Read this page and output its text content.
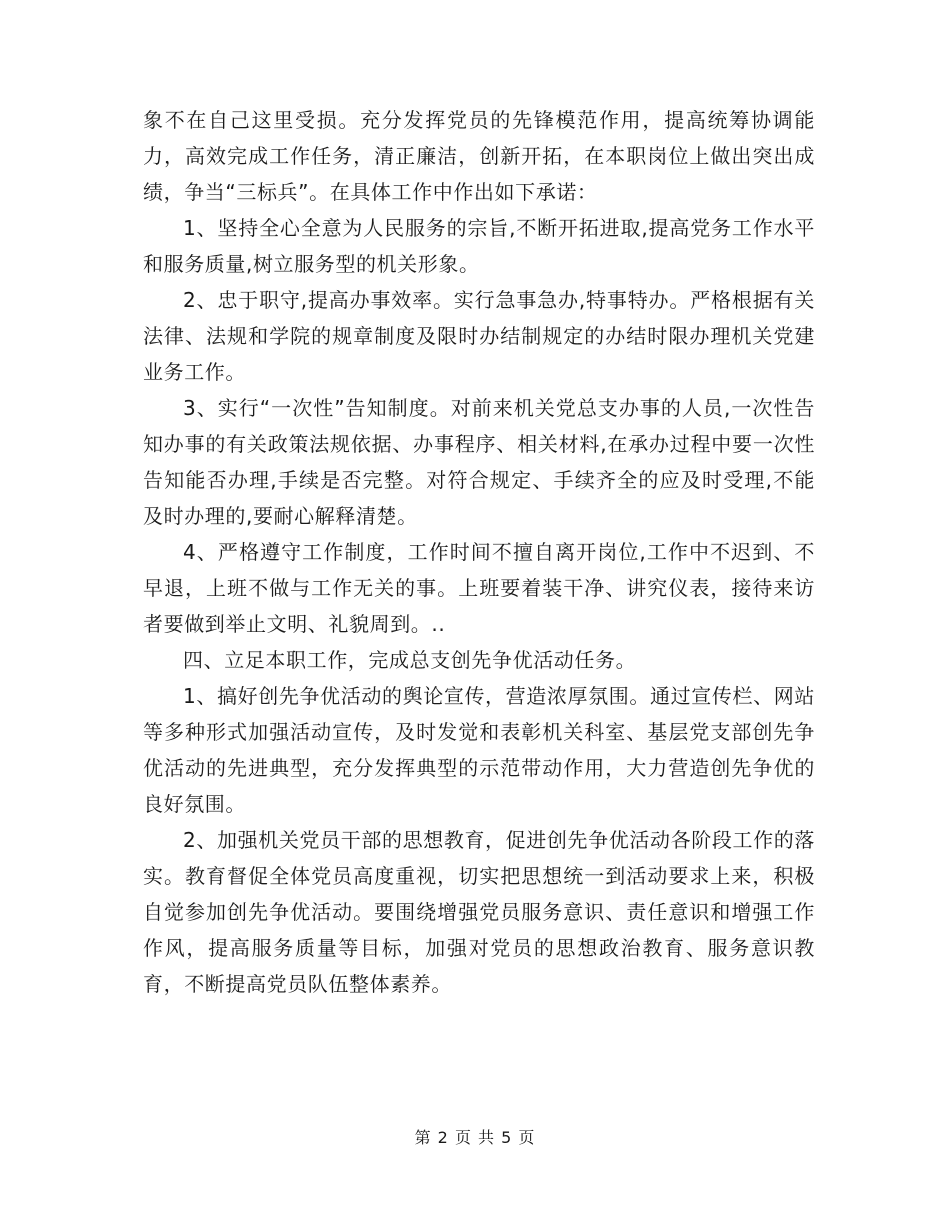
象不在自己这里受损。充分发挥党员的先锋模范作用，提高统筹协调能力，高效完成工作任务，清正廉洁，创新开拓，在本职岗位上做出突出成绩，争当“三标兵”。在具体工作中作出如下承诺：

1、坚持全心全意为人民服务的宗旨,不断开拓进取,提高党务工作水平和服务质量,树立服务型的机关形象。

2、忠于职守,提高办事效率。实行急事急办,特事特办。严格根据有关法律、法规和学院的规章制度及限时办结制规定的办结时限办理机关党建业务工作。

3、实行“一次性”告知制度。对前来机关党总支办事的人员,一次性告知办事的有关政策法规依据、办事程序、相关材料,在承办过程中要一次性告知能否办理,手续是否完整。对符合规定、手续齐全的应及时受理,不能及时办理的,要耐心解释清楚。

4、严格遵守工作制度，工作时间不擅自离开岗位,工作中不迟到、不早退，上班不做与工作无关的事。上班要着装干净、讲究仪表，接待来访者要做到举止文明、礼貌周到。..

四、立足本职工作，完成总支创先争优活动任务。

1、搞好创先争优活动的舆论宣传，营造浓厚氛围。通过宣传栏、网站等多种形式加强活动宣传，及时发觉和表彰机关科室、基层党支部创先争优活动的先进典型，充分发挥典型的示范带动作用，大力营造创先争优的良好氛围。

2、加强机关党员干部的思想教育，促进创先争优活动各阶段工作的落实。教育督促全体党员高度重视，切实把思想统一到活动要求上来，积极自觉参加创先争优活动。要围绕增强党员服务意识、责任意识和增强工作作风，提高服务质量等目标，加强对党员的思想政治教育、服务意识教育，不断提高党员队伍整体素养。

第 2 页 共 5 页
